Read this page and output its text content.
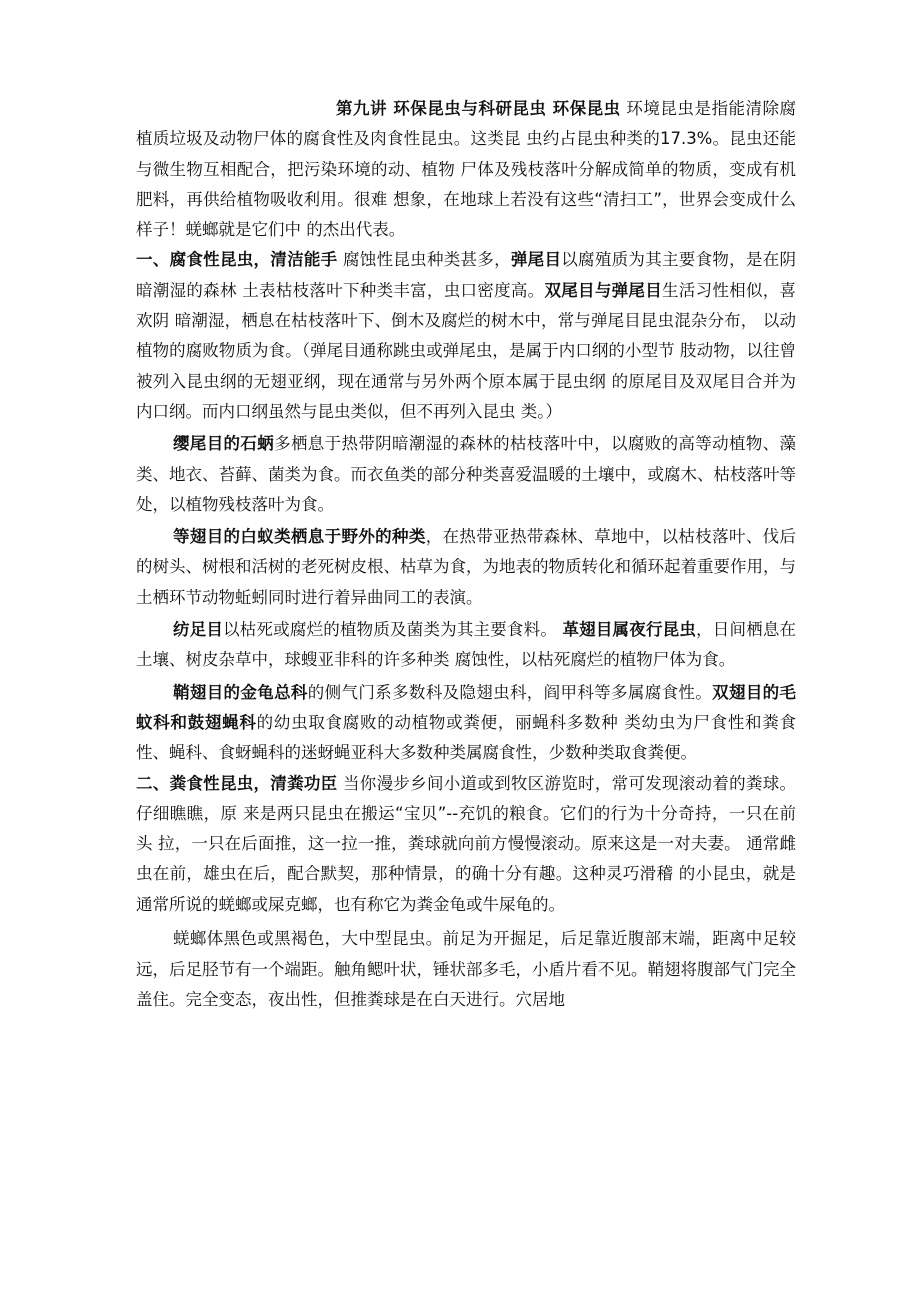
第九讲 环保昆虫与科研昆虫 环保昆虫 环境昆虫是指能清除腐植质垃圾及动物尸体的腐食性及肉食性昆虫。这类昆 虫约占昆虫种类的17.3%。昆虫还能与微生物互相配合，把污染环境的动、植物 尸体及残枝落叶分解成简单的物质，变成有机肥料，再供给植物吸收利用。很难 想象，在地球上若没有这些“清扫工”，世界会变成什么样子！蜣螂就是它们中 的杰出代表。

一、腐食性昆虫，清洁能手 腐蚀性昆虫种类甚多，弹尾目以腐殖质为其主要食物，是在阴暗潮湿的森林 土表枯枝落叶下种类丰富，虫口密度高。双尾目与弹尾目生活习性相似，喜欢阴 暗潮湿，栖息在枯枝落叶下、倒木及腐烂的树木中，常与弹尾目昆虫混杂分布， 以动植物的腐败物质为食。（弹尾目通称跳虫或弹尾虫，是属于内口纲的小型节 肢动物，以往曾被列入昆虫纲的无翅亚纲，现在通常与另外两个原本属于昆虫纲 的原尾目及双尾目合并为内口纲。而内口纲虽然与昆虫类似，但不再列入昆虫 类。）

缨尾目的石蛃多栖息于热带阴暗潮湿的森林的枯枝落叶中，以腐败的高等动植物、藻类、地衣、苔藓、菌类为食。而衣鱼类的部分种类喜爱温暖的土壤中，或腐木、枯枝落叶等处，以植物残枝落叶为食。

等翅目的白蚁类栖息于野外的种类，在热带亚热带森林、草地中，以枯枝落叶、伐后的树头、树根和活树的老死树皮根、枯草为食，为地表的物质转化和循环起着重要作用，与土栖环节动物蚯蚓同时进行着异曲同工的表演。

纺足目以枯死或腐烂的植物质及菌类为其主要食料。 革翅目属夜行昆虫，日间栖息在土壤、树皮杂草中，球螋亚非科的许多种类 腐蚀性，以枯死腐烂的植物尸体为食。

鞘翅目的金龟总科的侧气门系多数科及隐翅虫科，阎甲科等多属腐食性。双翅目的毛蚊科和鼓翅蝇科的幼虫取食腐败的动植物或粪便，丽蝇科多数种 类幼虫为尸食性和粪食性、蝇科、食蚜蝇科的迷蚜蝇亚科大多数种类属腐食性，少数种类取食粪便。

二、粪食性昆虫，清粪功臣 当你漫步乡间小道或到牧区游览时，常可发现滚动着的粪球。仔细瞧瞧，原 来是两只昆虫在搬运“宝贝”--充饥的粮食。它们的行为十分奇持，一只在前头 拉，一只在后面推，这一拉一推，粪球就向前方慢慢滚动。原来这是一对夫妻。 通常雌虫在前，雄虫在后，配合默契，那种情景，的确十分有趣。这种灵巧滑稽 的小昆虫，就是通常所说的蜣螂或屎克螂，也有称它为粪金龟或牛屎龟的。

蜣螂体黑色或黑褐色，大中型昆虫。前足为开掘足，后足靠近腹部末端，距离中足较远，后足胫节有一个端距。触角鳃叶状，锤状部多毛，小盾片看不见。鞘翅将腹部气门完全盖住。完全变态，夜出性，但推粪球是在白天进行。穴居地
